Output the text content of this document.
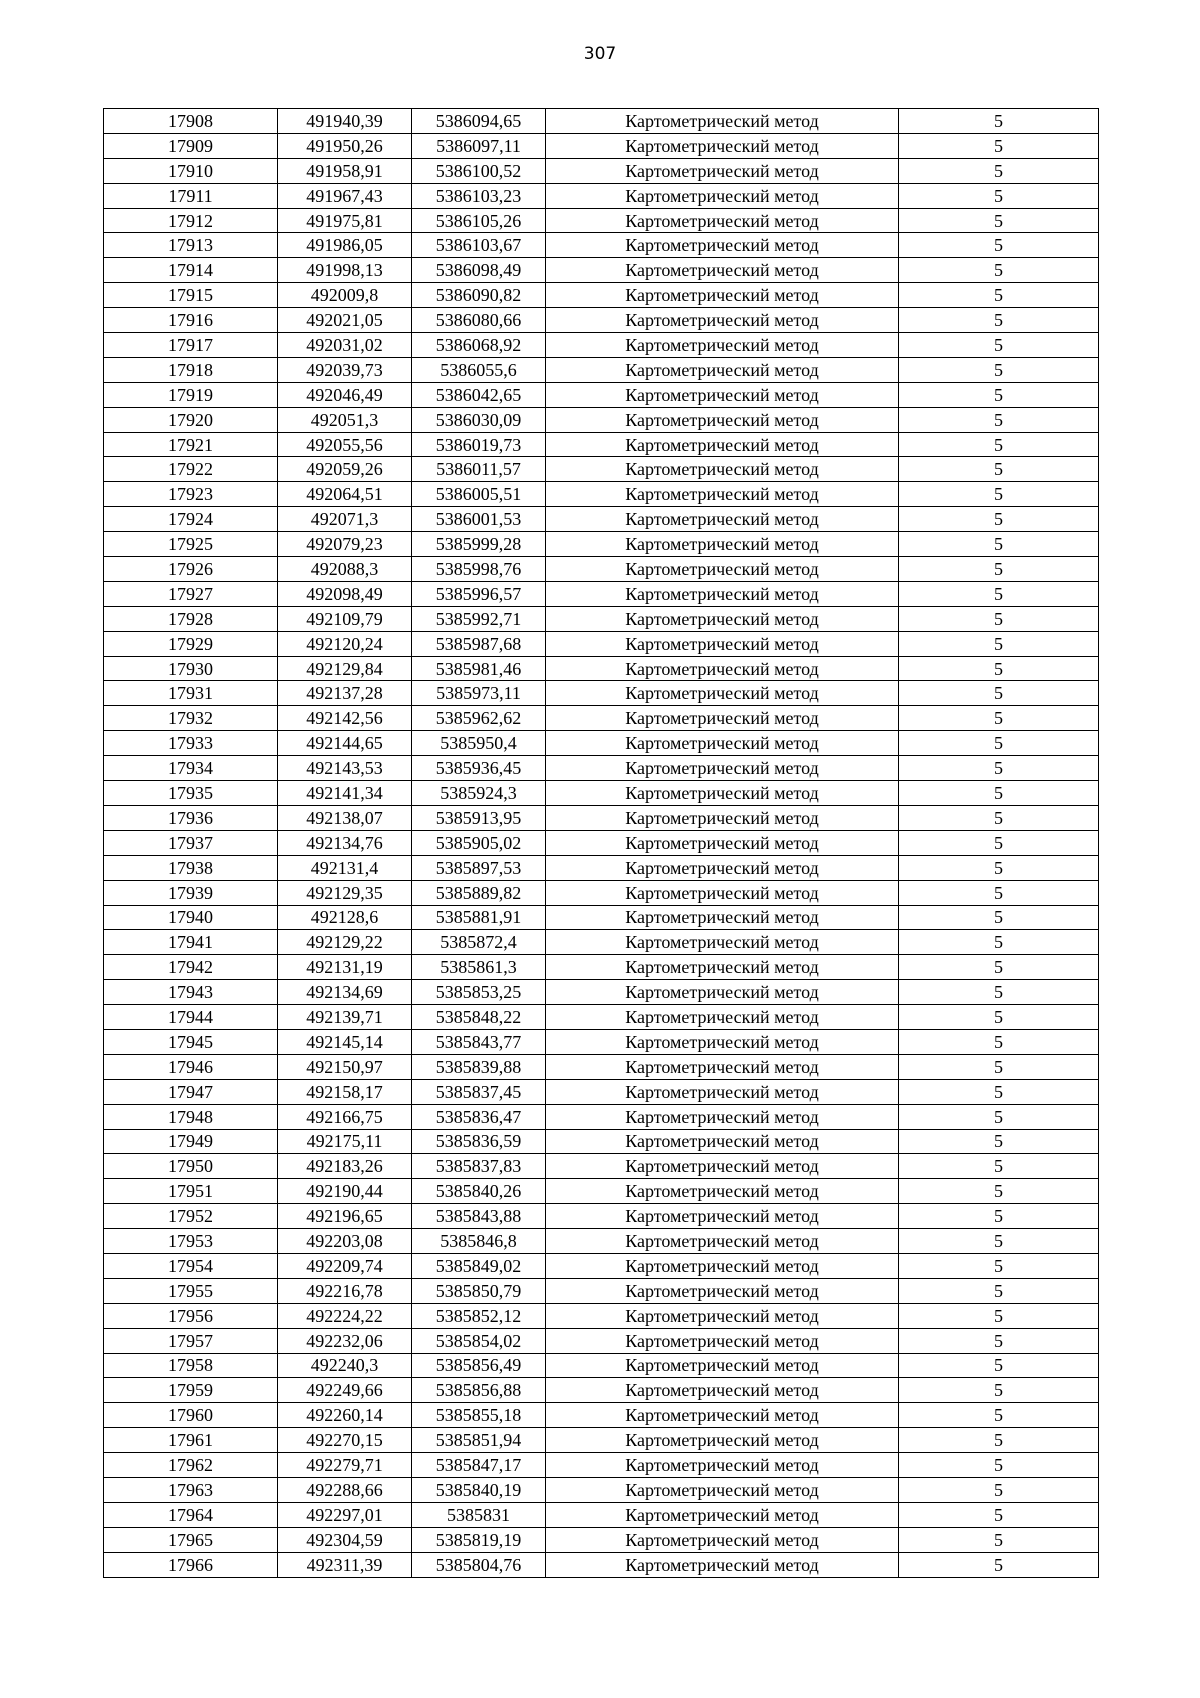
307
17908	491940,39	5386094,65	Картометрический метод	5
17909	491950,26	5386097,11	Картометрический метод	5
17910	491958,91	5386100,52	Картометрический метод	5
17911	491967,43	5386103,23	Картометрический метод	5
17912	491975,81	5386105,26	Картометрический метод	5
17913	491986,05	5386103,67	Картометрический метод	5
17914	491998,13	5386098,49	Картометрический метод	5
17915	492009,8	5386090,82	Картометрический метод	5
17916	492021,05	5386080,66	Картометрический метод	5
17917	492031,02	5386068,92	Картометрический метод	5
17918	492039,73	5386055,6	Картометрический метод	5
17919	492046,49	5386042,65	Картометрический метод	5
17920	492051,3	5386030,09	Картометрический метод	5
17921	492055,56	5386019,73	Картометрический метод	5
17922	492059,26	5386011,57	Картометрический метод	5
17923	492064,51	5386005,51	Картометрический метод	5
17924	492071,3	5386001,53	Картометрический метод	5
17925	492079,23	5385999,28	Картометрический метод	5
17926	492088,3	5385998,76	Картометрический метод	5
17927	492098,49	5385996,57	Картометрический метод	5
17928	492109,79	5385992,71	Картометрический метод	5
17929	492120,24	5385987,68	Картометрический метод	5
17930	492129,84	5385981,46	Картометрический метод	5
17931	492137,28	5385973,11	Картометрический метод	5
17932	492142,56	5385962,62	Картометрический метод	5
17933	492144,65	5385950,4	Картометрический метод	5
17934	492143,53	5385936,45	Картометрический метод	5
17935	492141,34	5385924,3	Картометрический метод	5
17936	492138,07	5385913,95	Картометрический метод	5
17937	492134,76	5385905,02	Картометрический метод	5
17938	492131,4	5385897,53	Картометрический метод	5
17939	492129,35	5385889,82	Картометрический метод	5
17940	492128,6	5385881,91	Картометрический метод	5
17941	492129,22	5385872,4	Картометрический метод	5
17942	492131,19	5385861,3	Картометрический метод	5
17943	492134,69	5385853,25	Картометрический метод	5
17944	492139,71	5385848,22	Картометрический метод	5
17945	492145,14	5385843,77	Картометрический метод	5
17946	492150,97	5385839,88	Картометрический метод	5
17947	492158,17	5385837,45	Картометрический метод	5
17948	492166,75	5385836,47	Картометрический метод	5
17949	492175,11	5385836,59	Картометрический метод	5
17950	492183,26	5385837,83	Картометрический метод	5
17951	492190,44	5385840,26	Картометрический метод	5
17952	492196,65	5385843,88	Картометрический метод	5
17953	492203,08	5385846,8	Картометрический метод	5
17954	492209,74	5385849,02	Картометрический метод	5
17955	492216,78	5385850,79	Картометрический метод	5
17956	492224,22	5385852,12	Картометрический метод	5
17957	492232,06	5385854,02	Картометрический метод	5
17958	492240,3	5385856,49	Картометрический метод	5
17959	492249,66	5385856,88	Картометрический метод	5
17960	492260,14	5385855,18	Картометрический метод	5
17961	492270,15	5385851,94	Картометрический метод	5
17962	492279,71	5385847,17	Картометрический метод	5
17963	492288,66	5385840,19	Картометрический метод	5
17964	492297,01	5385831	Картометрический метод	5
17965	492304,59	5385819,19	Картометрический метод	5
17966	492311,39	5385804,76	Картометрический метод	5
